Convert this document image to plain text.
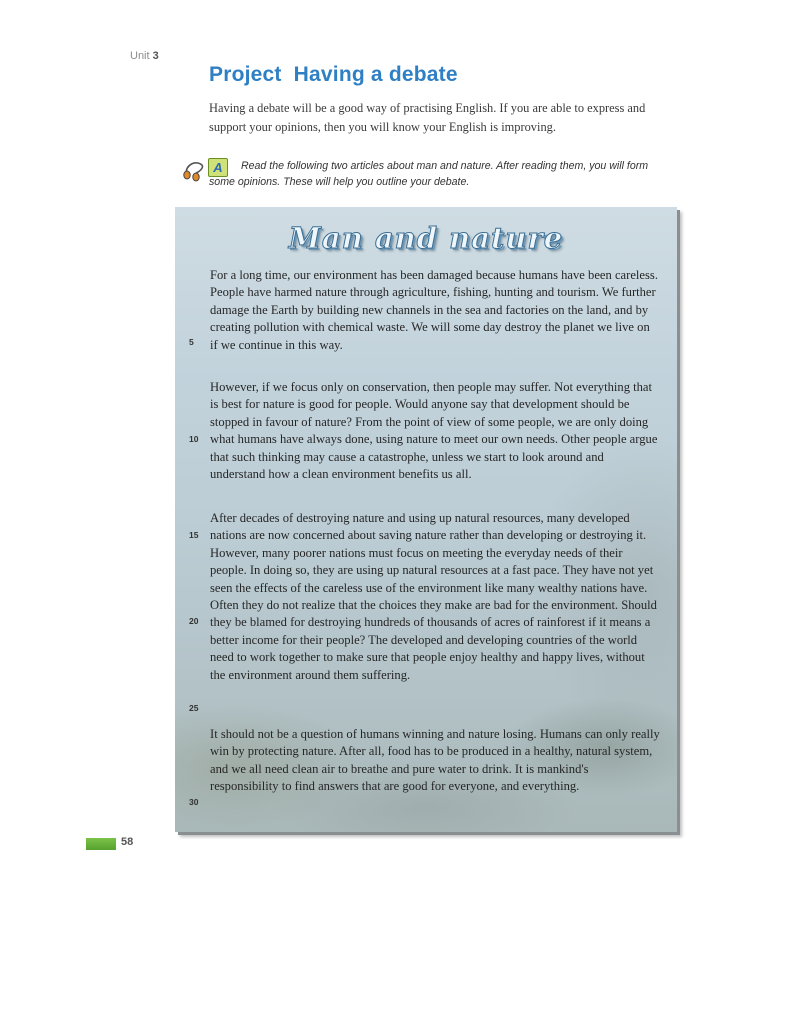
Unit 3
Project  Having a debate

Having a debate will be a good way of practising English. If you are able to express and support your opinions, then you will know your English is improving.

A	Read the following two articles about man and nature. After reading them, you will form some opinions. These will help you outline your debate.

Man and nature

For a long time, our environment has been damaged because humans have been careless. People have harmed nature through agriculture, fishing, hunting and tourism. We further damage the Earth by building new channels in the sea and factories on the land, and by creating pollution with chemical waste. We will some day destroy the planet we live on if we continue in this way.

However, if we focus only on conservation, then people may suffer. Not everything that is best for nature is good for people. Would anyone say that development should be stopped in favour of nature? From the point of view of some people, we are only doing what humans have always done, using nature to meet our own needs. Other people argue that such thinking may cause a catastrophe, unless we start to look around and understand how a clean environment benefits us all.

After decades of destroying nature and using up natural resources, many developed nations are now concerned about saving nature rather than developing or destroying it. However, many poorer nations must focus on meeting the everyday needs of their people. In doing so, they are using up natural resources at a fast pace. They have not yet seen the effects of the careless use of the environment like many wealthy nations have. Often they do not realize that the choices they make are bad for the environment. Should they be blamed for destroying hundreds of thousands of acres of rainforest if it means a better income for their people? The developed and developing countries of the world need to work together to make sure that people enjoy healthy and happy lives, without the environment around them suffering.

It should not be a question of humans winning and nature losing. Humans can only really win by protecting nature. After all, food has to be produced in a healthy, natural system, and we all need clean air to breathe and pure water to drink. It is mankind's responsibility to find answers that are good for everyone, and everything.

5
10
15
20
25
30
58
